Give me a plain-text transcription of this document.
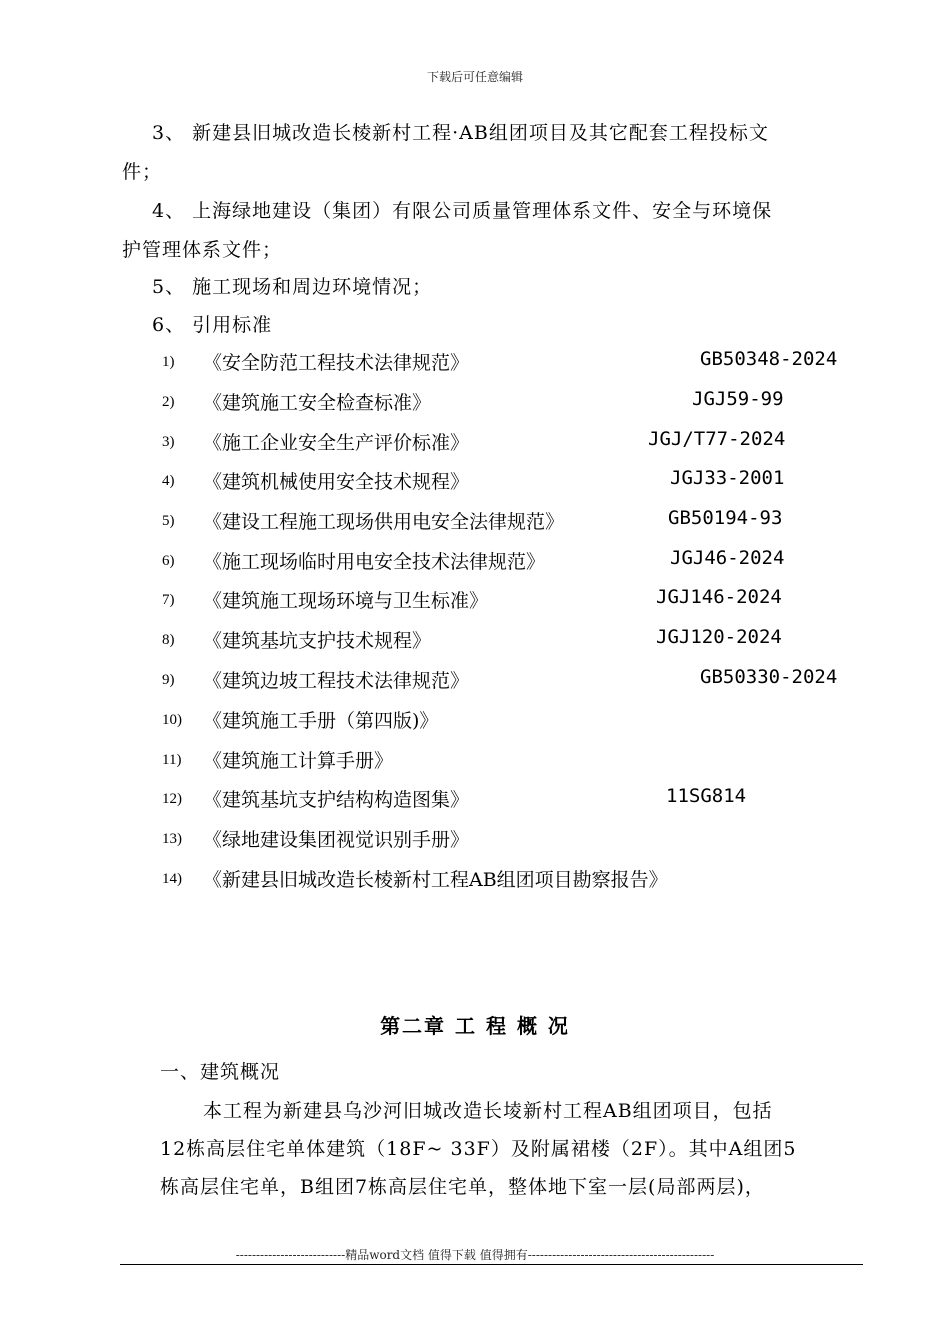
下载后可任意编辑
3、 新建县旧城改造长棱新村工程·AB组团项目及其它配套工程投标文
件；
4、 上海绿地建设（集团）有限公司质量管理体系文件、安全与环境保
护管理体系文件；
5、 施工现场和周边环境情况；
6、 引用标准
1) 《安全防范工程技术法律规范》	GB50348-2024
2) 《建筑施工安全检查标准》	JGJ59-99
3) 《施工企业安全生产评价标准》	JGJ/T77-2024
4) 《建筑机械使用安全技术规程》	JGJ33-2001
5) 《建设工程施工现场供用电安全法律规范》	GB50194-93
6) 《施工现场临时用电安全技术法律规范》	JGJ46-2024
7) 《建筑施工现场环境与卫生标准》	JGJ146-2024
8) 《建筑基坑支护技术规程》	JGJ120-2024
9) 《建筑边坡工程技术法律规范》	GB50330-2024
10) 《建筑施工手册（第四版)》
11) 《建筑施工计算手册》
12) 《建筑基坑支护结构构造图集》	11SG814
13) 《绿地建设集团视觉识别手册》
14) 《新建县旧城改造长棱新村工程AB组团项目勘察报告》
第二章 工 程 概 况
一、建筑概况
本工程为新建县乌沙河旧城改造长堎新村工程AB组团项目，包括
12栋高层住宅单体建筑（18F~ 33F）及附属裙楼（2F）。其中A组团5
栋高层住宅单，B组团7栋高层住宅单，整体地下室一层(局部两层)，
---------------------------精品word文档 值得下载 值得拥有----------------------------------------------
